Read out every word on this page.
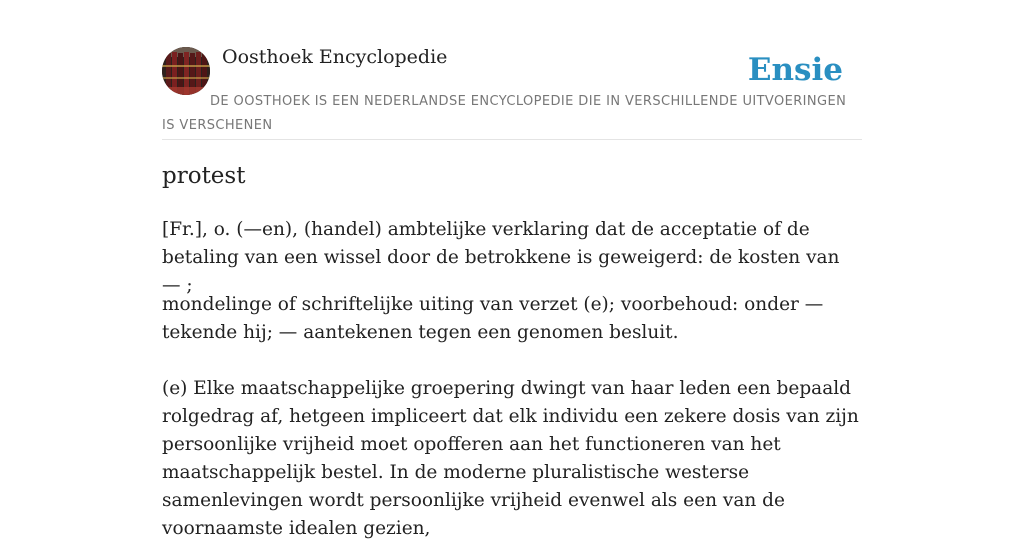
Oosthoek Encyclopedie	Ensie
DE OOSTHOEK IS EEN NEDERLANDSE ENCYCLOPEDIE DIE IN VERSCHILLENDE UITVOERINGEN IS VERSCHENEN
protest

[Fr.], o. (—en), (handel) ambtelijke verklaring dat de acceptatie of de betaling van een wissel door de betrokkene is geweigerd: de kosten van — ;

mondelinge of schriftelijke uiting van verzet (e); voorbehoud: onder — tekende hij; — aantekenen tegen een genomen besluit.

(e) Elke maatschappelijke groepering dwingt van haar leden een bepaald rolgedrag af, hetgeen impliceert dat elk individu een zekere dosis van zijn persoonlijke vrijheid moet opofferen aan het functioneren van het maatschappelijk bestel. In de moderne pluralistische westerse samenlevingen wordt persoonlijke vrijheid evenwel als een van de voornaamste idealen gezien,
